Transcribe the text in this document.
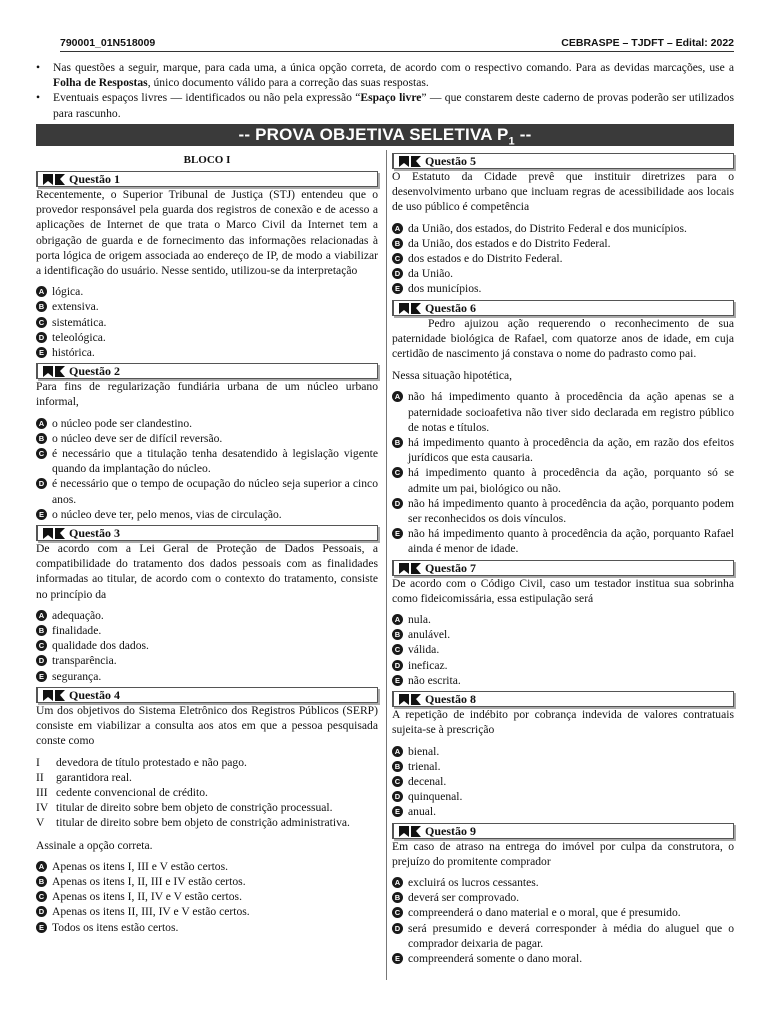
790001_01N518009	CEBRASPE – TJDFT – Edital: 2022
• Nas questões a seguir, marque, para cada uma, a única opção correta, de acordo com o respectivo comando. Para as devidas marcações, use a Folha de Respostas, único documento válido para a correção das suas respostas.
• Eventuais espaços livres — identificados ou não pela expressão “Espaço livre” — que constarem deste caderno de provas poderão ser utilizados para rascunho.
-- PROVA OBJETIVA SELETIVA $P_1$ --
BLOCO I
Questão 1
Recentemente, o Superior Tribunal de Justiça (STJ) entendeu que o provedor responsável pela guarda dos registros de conexão e de acesso a aplicações de Internet de que trata o Marco Civil da Internet tem a obrigação de guarda e de fornecimento das informações relacionadas à porta lógica de origem associada ao endereço de IP, de modo a viabilizar a identificação do usuário. Nesse sentido, utilizou-se da interpretação
A lógica.
B extensiva.
C sistemática.
D teleológica.
E histórica.
Questão 2
Para fins de regularização fundiária urbana de um núcleo urbano informal,
A o núcleo pode ser clandestino.
B o núcleo deve ser de difícil reversão.
C é necessário que a titulação tenha desatendido à legislação vigente quando da implantação do núcleo.
D é necessário que o tempo de ocupação do núcleo seja superior a cinco anos.
E o núcleo deve ter, pelo menos, vias de circulação.
Questão 3
De acordo com a Lei Geral de Proteção de Dados Pessoais, a compatibilidade do tratamento dos dados pessoais com as finalidades informadas ao titular, de acordo com o contexto do tratamento, consiste no princípio da
A adequação.
B finalidade.
C qualidade dos dados.
D transparência.
E segurança.
Questão 4
Um dos objetivos do Sistema Eletrônico dos Registros Públicos (SERP) consiste em viabilizar a consulta aos atos em que a pessoa pesquisada conste como
I devedora de título protestado e não pago.
II garantidora real.
III cedente convencional de crédito.
IV titular de direito sobre bem objeto de constrição processual.
V titular de direito sobre bem objeto de constrição administrativa.
Assinale a opção correta.
A Apenas os itens I, III e V estão certos.
B Apenas os itens I, II, III e IV estão certos.
C Apenas os itens I, II, IV e V estão certos.
D Apenas os itens II, III, IV e V estão certos.
E Todos os itens estão certos.
Questão 5
O Estatuto da Cidade prevê que instituir diretrizes para o desenvolvimento urbano que incluam regras de acessibilidade aos locais de uso público é competência
A da União, dos estados, do Distrito Federal e dos municípios.
B da União, dos estados e do Distrito Federal.
C dos estados e do Distrito Federal.
D da União.
E dos municípios.
Questão 6
Pedro ajuizou ação requerendo o reconhecimento de sua paternidade biológica de Rafael, com quatorze anos de idade, em cuja certidão de nascimento já constava o nome do padrasto como pai.
Nessa situação hipotética,
A não há impedimento quanto à procedência da ação apenas se a paternidade socioafetiva não tiver sido declarada em registro público de notas e títulos.
B há impedimento quanto à procedência da ação, em razão dos efeitos jurídicos que esta causaria.
C há impedimento quanto à procedência da ação, porquanto só se admite um pai, biológico ou não.
D não há impedimento quanto à procedência da ação, porquanto podem ser reconhecidos os dois vínculos.
E não há impedimento quanto à procedência da ação, porquanto Rafael ainda é menor de idade.
Questão 7
De acordo com o Código Civil, caso um testador institua sua sobrinha como fideicomissária, essa estipulação será
A nula.
B anulável.
C válida.
D ineficaz.
E não escrita.
Questão 8
A repetição de indébito por cobrança indevida de valores contratuais sujeita-se à prescrição
A bienal.
B trienal.
C decenal.
D quinquenal.
E anual.
Questão 9
Em caso de atraso na entrega do imóvel por culpa da construtora, o prejuízo do promitente comprador
A excluirá os lucros cessantes.
B deverá ser comprovado.
C compreenderá o dano material e o moral, que é presumido.
D será presumido e deverá corresponder à média do aluguel que o comprador deixaria de pagar.
E compreenderá somente o dano moral.
